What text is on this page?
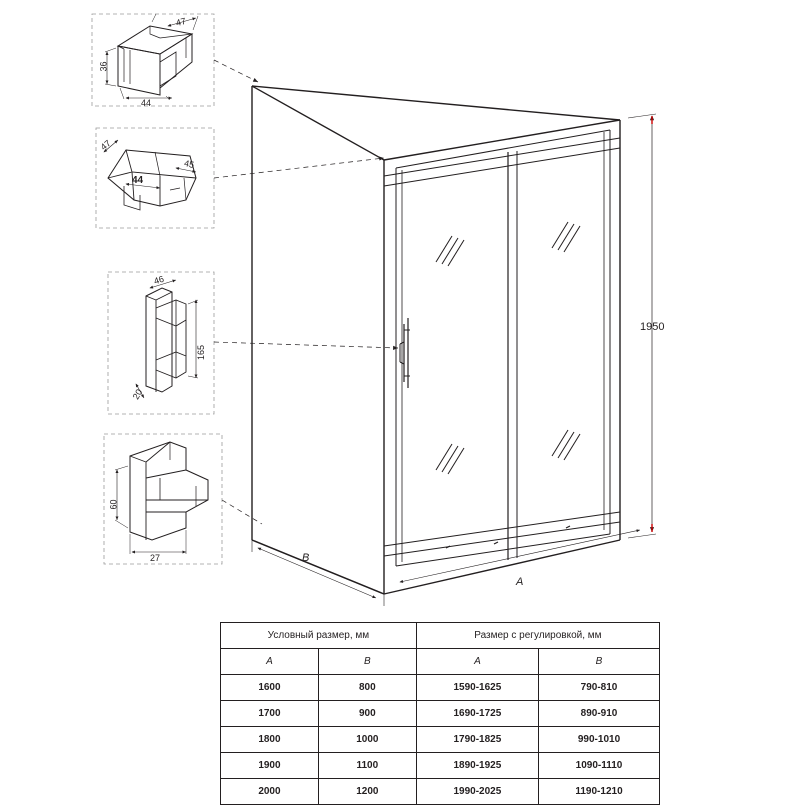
47
36
44
47
44
45
46
165
20
60
27
1950
A
B
Условный размер, мм		Размер с регулировкой, мм	
A	B	A	B
1600	800	1590-1625	790-810
1700	900	1690-1725	890-910
1800	1000	1790-1825	990-1010
1900	1100	1890-1925	1090-1110
2000	1200	1990-2025	1190-1210
